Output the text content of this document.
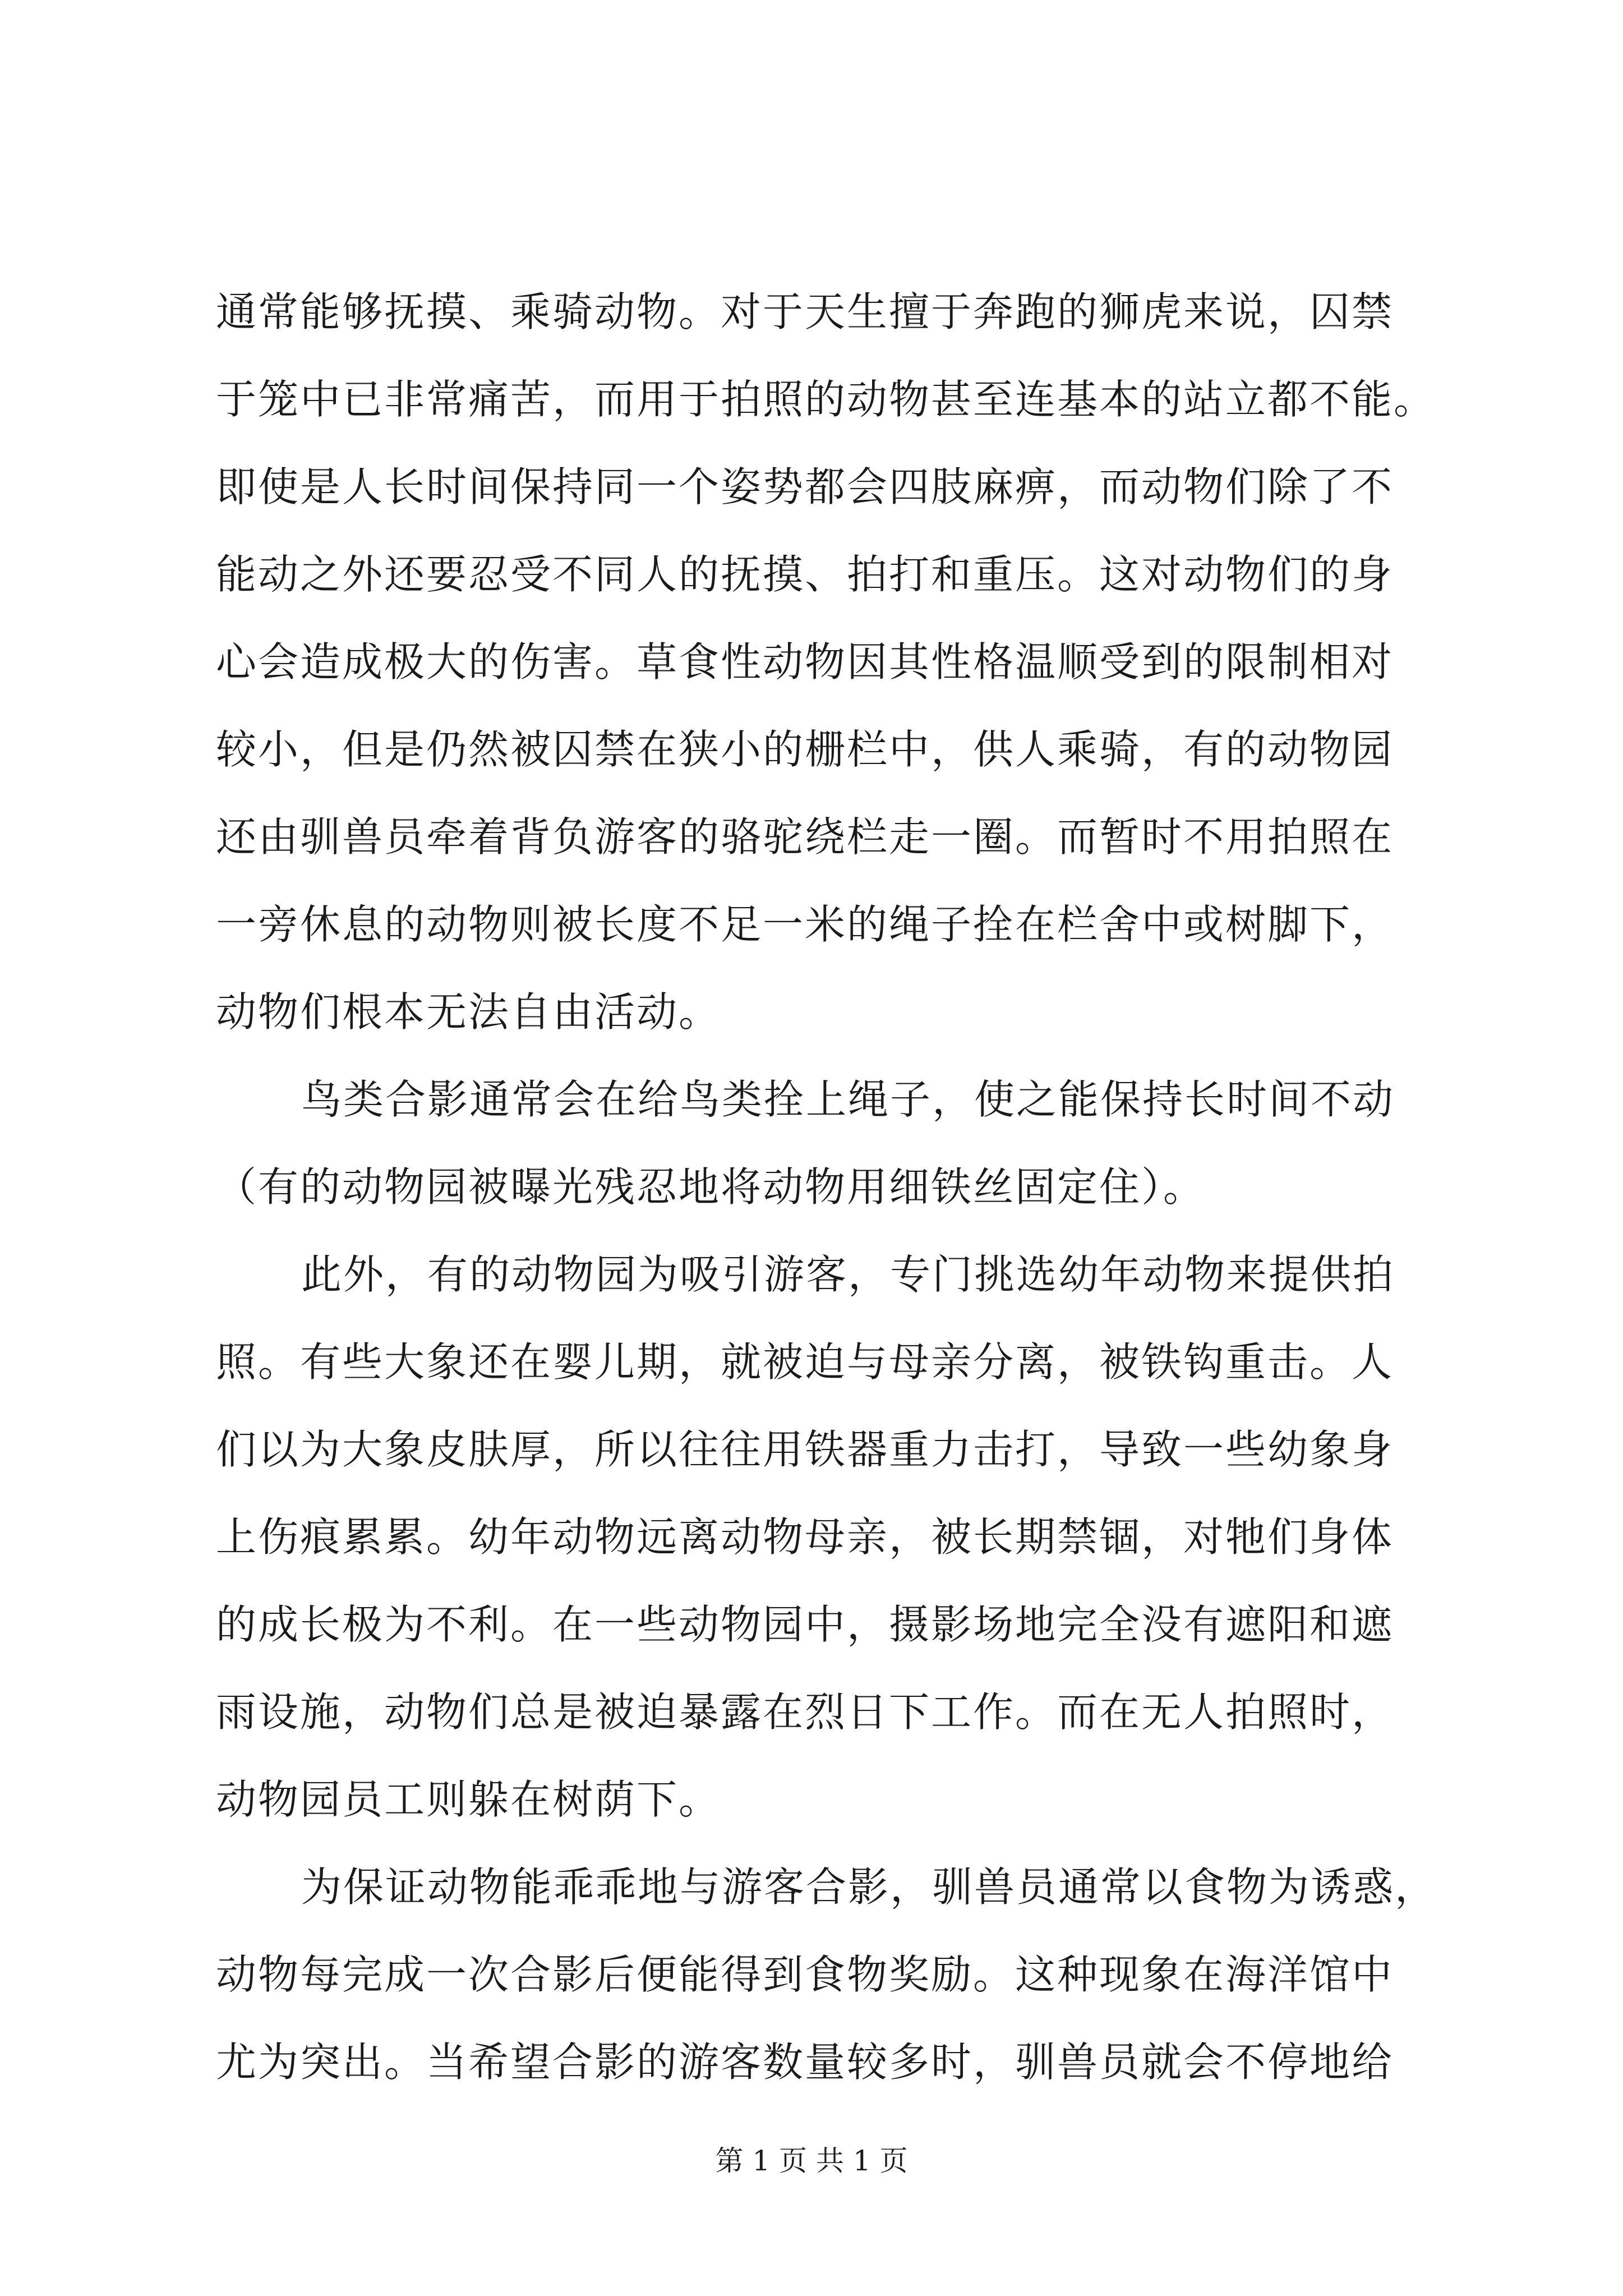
通常能够抚摸、乘骑动物。对于天生擅于奔跑的狮虎来说，囚禁
于笼中已非常痛苦，而用于拍照的动物甚至连基本的站立都不能。
即使是人长时间保持同一个姿势都会四肢麻痹，而动物们除了不
能动之外还要忍受不同人的抚摸、拍打和重压。这对动物们的身
心会造成极大的伤害。草食性动物因其性格温顺受到的限制相对
较小，但是仍然被囚禁在狭小的栅栏中，供人乘骑，有的动物园
还由驯兽员牵着背负游客的骆驼绕栏走一圈。而暂时不用拍照在
一旁休息的动物则被长度不足一米的绳子拴在栏舍中或树脚下，
动物们根本无法自由活动。
鸟类合影通常会在给鸟类拴上绳子，使之能保持长时间不动
（有的动物园被曝光残忍地将动物用细铁丝固定住）。
此外，有的动物园为吸引游客，专门挑选幼年动物来提供拍
照。有些大象还在婴儿期，就被迫与母亲分离，被铁钩重击。人
们以为大象皮肤厚，所以往往用铁器重力击打，导致一些幼象身
上伤痕累累。幼年动物远离动物母亲，被长期禁锢，对牠们身体
的成长极为不利。在一些动物园中，摄影场地完全没有遮阳和遮
雨设施，动物们总是被迫暴露在烈日下工作。而在无人拍照时，
动物园员工则躲在树荫下。
为保证动物能乖乖地与游客合影，驯兽员通常以食物为诱惑，
动物每完成一次合影后便能得到食物奖励。这种现象在海洋馆中
尤为突出。当希望合影的游客数量较多时，驯兽员就会不停地给
第 1 页 共 1 页
